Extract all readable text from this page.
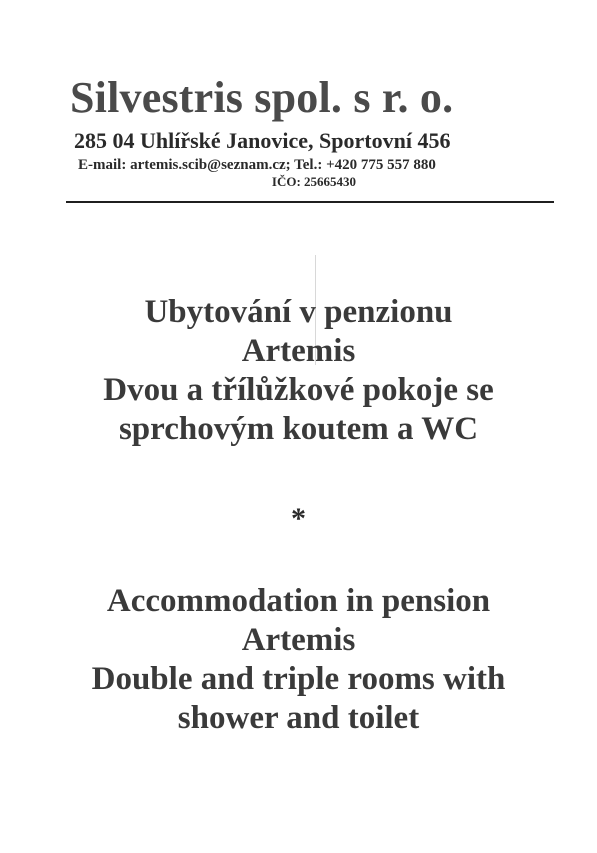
Silvestris spol. s r. o.
285 04 Uhlířské Janovice, Sportovní 456
E-mail: artemis.scib@seznam.cz; Tel.: +420 775 557 880
IČO: 25665430
Ubytování v penzionu
Artemis
Dvou a třílůžkové pokoje se
sprchovým koutem a WC
*
Accommodation in pension
Artemis
Double and triple rooms with
shower and toilet
